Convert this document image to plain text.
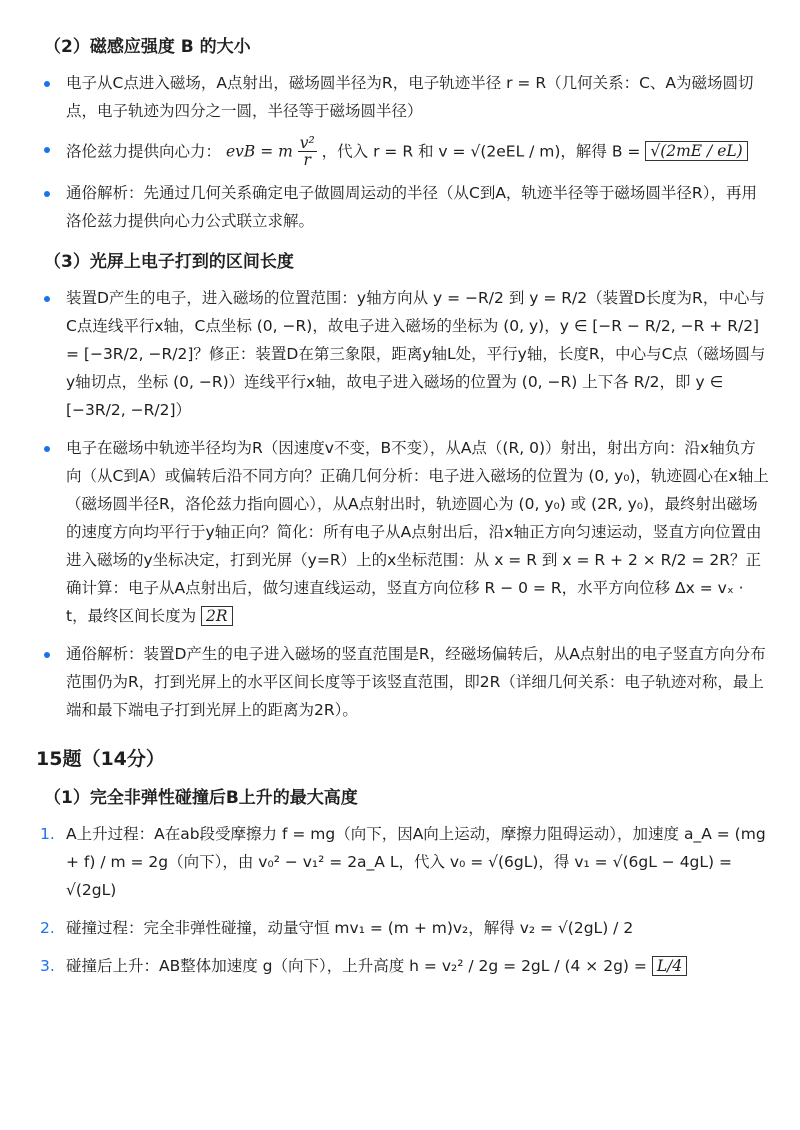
（2）磁感应强度 B 的大小
电子从C点进入磁场，A点射出，磁场圆半径为R，电子轨迹半径 r = R（几何关系：C、A为磁场圆切点，电子轨迹为四分之一圆，半径等于磁场圆半径）
洛伦兹力提供向心力： evB = m $\frac{\text{v²}}{r}$ ，代入 r = R 和 v = √(2eEL / m)，解得 B = √(2mE / eL)
通俗解析：先通过几何关系确定电子做圆周运动的半径（从C到A，轨迹半径等于磁场圆半径R），再用洛伦兹力提供向心力公式联立求解。
（3）光屏上电子打到的区间长度
装置D产生的电子，进入磁场的位置范围：y轴方向从 y = −R/2 到 y = R/2（装置D长度为R，中心与C点连线平行x轴，C点坐标 (0, −R)，故电子进入磁场的坐标为 (0, y)，y ∈ [−R − R/2, −R + R/2] = [−3R/2, −R/2]？修正：装置D在第三象限，距离y轴L处，平行y轴，长度R，中心与C点（磁场圆与y轴切点，坐标 (0, −R)）连线平行x轴，故电子进入磁场的位置为 (0, −R) 上下各 R/2，即 y ∈ [−3R/2, −R/2]）
电子在磁场中轨迹半径均为R（因速度v不变，B不变），从A点（(R, 0)）射出，射出方向：沿x轴负方向（从C到A）或偏转后沿不同方向？正确几何分析：电子进入磁场的位置为 (0, y₀)，轨迹圆心在x轴上（磁场圆半径R，洛伦兹力指向圆心），从A点射出时，轨迹圆心为 (0, y₀) 或 (2R, y₀)，最终射出磁场的速度方向均平行于y轴正向？简化：所有电子从A点射出后，沿x轴正方向匀速运动，竖直方向位置由进入磁场的y坐标决定，打到光屏（y=R）上的x坐标范围：从 x = R 到 x = R + 2 × R/2 = 2R？正确计算：电子从A点射出后，做匀速直线运动，竖直方向位移 R − 0 = R，水平方向位移 Δx = vₓ · t，最终区间长度为 2R
通俗解析：装置D产生的电子进入磁场的竖直范围是R，经磁场偏转后，从A点射出的电子竖直方向分布范围仍为R，打到光屏上的水平区间长度等于该竖直范围，即2R（详细几何关系：电子轨迹对称，最上端和最下端电子打到光屏上的距离为2R）。
15题（14分）
（1）完全非弹性碰撞后B上升的最大高度
1. A上升过程：A在ab段受摩擦力 f = mg（向下，因A向上运动，摩擦力阻碍运动），加速度 a_A = (mg + f) / m = 2g（向下），由 v₀² − v₁² = 2a_A L，代入 v₀ = √(6gL)，得 v₁ = √(6gL − 4gL) = √(2gL)
2. 碰撞过程：完全非弹性碰撞，动量守恒 mv₁ = (m + m)v₂，解得 v₂ = √(2gL) / 2
3. 碰撞后上升：AB整体加速度 g（向下），上升高度 h = v₂² / 2g = 2gL / (4 × 2g) = L/4
